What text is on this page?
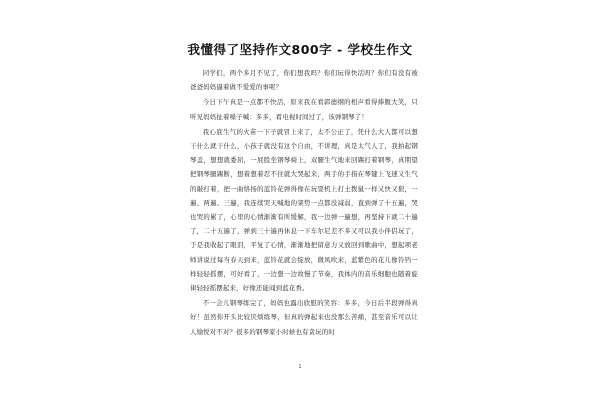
我懂得了坚持作文800字 - 学校生作文

同学们，两个多月不见了，你们想我吗？你们玩得快活吗？你们有没有被爸爸妈妈逼着做不爱爱的事呢？

今日下午真是一点都不快活，原来我在看郭德纲的相声看得捧腹大笑，只听见妈妈扯着嗓子喊：多多，看电视时间过了，该弹钢琴了！

我心底生气的火苗一下子就冒上来了，太不公正了，凭什么大人都可以想干什么就干什么，小孩子就没有这个自由，不讲理，真是太气人了，我拍起钢琴盖，想想就委屈，一屁股坐钢琴椅上，双腿生气地来回踢打着钢琴，真期望把钢琴腿踢断，想着想着忍不住就大哭起来，两手的手指在琴键上飞速又生气的敲打着，把一曲恪扬的蓝铃花弹得像在玩耍机上打土拨鼠一样又快又狠，一遍、两遍、三遍，我连续哭天喊地的架势一点都没减弱，直到弹了十五遍，哭也哭的累了，心里的心情渐渐有所缓解，我一边弹一遍想，再坚持下就二十遍了，二十五遍了，弹到三十遍再休息一下车尔尼差不多又可以我小伴侣玩了，于是我收起了眼泪，平复了心情，渐渐地把留意力又放回到歌曲中，想起项老师讲说过每当春天到来，蓝铃花就会绽放，微风吹来，蓝紫色的花儿像铃铛一样轻轻摇摆，可好看了，一边想一边故慢了节奏，我体内的音乐细胞也随着旋律轻轻摇摆起来，好像还能闻到蓝花香。

不一会儿钢琴练完了，妈妈也露出欣慰的笑容：多多，今日后半段弹得真好！虽然你开头比较厌烦练琴，但真的弹起来也没那么苦痛，甚至音乐可以让人愉悦对不对？很多的钢琴家小时候也有贪玩的时

1
